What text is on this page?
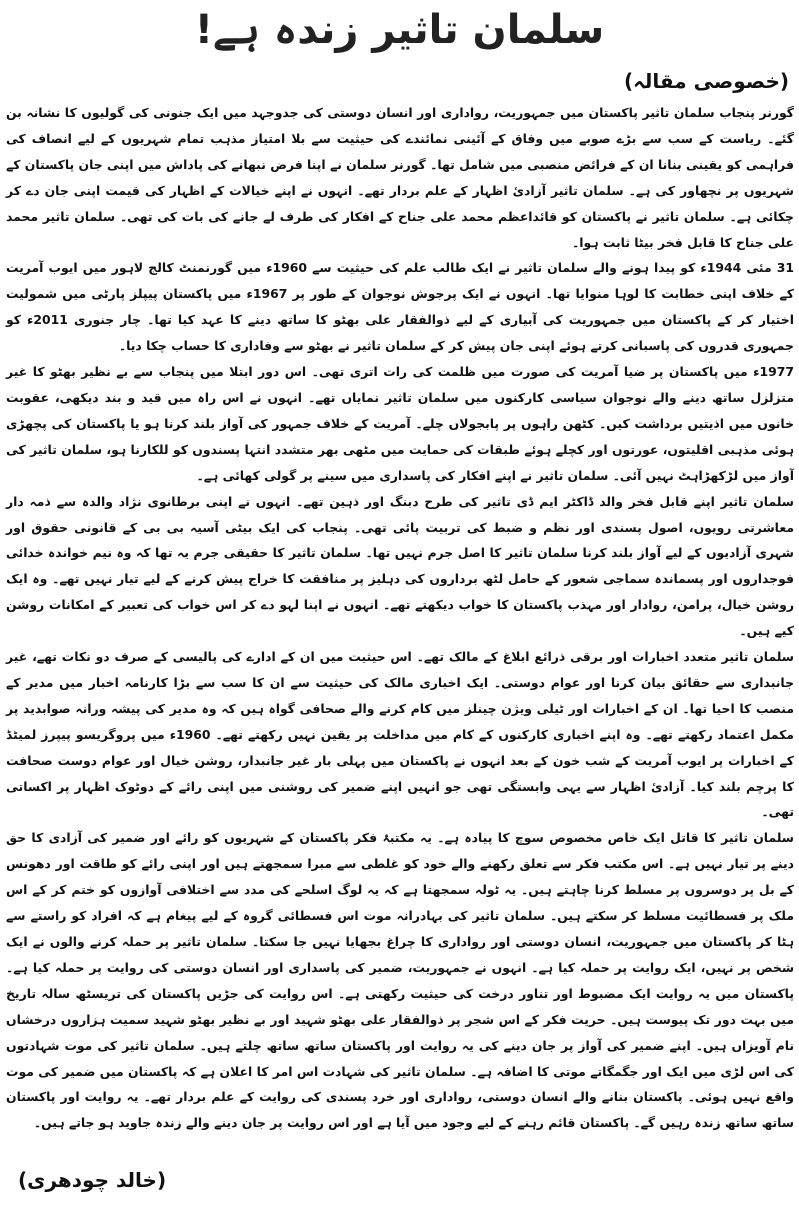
سلمان تاثیر زندہ ہے!
(خصوصی مقالہ)

گورنر پنجاب سلمان تاثیر پاکستان میں جمہوریت، رواداری اور انسان دوستی کی جدوجہد میں ایک جنونی کی گولیوں کا نشانہ بن گئے۔ ریاست کے سب سے بڑے صوبے میں وفاق کے آئینی نمائندے کی حیثیت سے بلا امتیاز مذہب تمام شہریوں کے لیے انصاف کی فراہمی کو یقینی بنانا ان کے فرائض منصبی میں شامل تھا۔ گورنر سلمان نے اپنا فرض نبھانے کی پاداش میں اپنی جان پاکستان کے شہریوں پر نچھاور کی ہے۔ سلمان تاثیر آزادیٔ اظہار کے علم بردار تھے۔ انہوں نے اپنے خیالات کے اظہار کی قیمت اپنی جان دے کر چکائی ہے۔ سلمان تاثیر نے پاکستان کو قائداعظم محمد علی جناح کے افکار کی طرف لے جانے کی بات کی تھی۔ سلمان تاثیر محمد علی جناح کا قابل فخر بیٹا ثابت ہوا۔

31 مئی 1944ء کو پیدا ہونے والے سلمان تاثیر نے ایک طالب علم کی حیثیت سے 1960ء میں گورنمنٹ کالج لاہور میں ایوب آمریت کے خلاف اپنی خطابت کا لوہا منوایا تھا۔ انہوں نے ایک پرجوش نوجوان کے طور پر 1967ء میں پاکستان پیپلز پارٹی میں شمولیت اختیار کر کے پاکستان میں جمہوریت کی آبیاری کے لیے ذوالفقار علی بھٹو کا ساتھ دینے کا عہد کیا تھا۔ چار جنوری 2011ء کو جمہوری قدروں کی پاسبانی کرتے ہوئے اپنی جان پیش کر کے سلمان تاثیر نے بھٹو سے وفاداری کا حساب چکا دیا۔

1977ء میں پاکستان پر ضیا آمریت کی صورت میں ظلمت کی رات اتری تھی۔ اس دور ابتلا میں پنجاب سے بے نظیر بھٹو کا غیر متزلزل ساتھ دینے والے نوجوان سیاسی کارکنوں میں سلمان تاثیر نمایاں تھے۔ انہوں نے اس راہ میں قید و بند دیکھی، عقوبت خانوں میں اذیتیں برداشت کیں۔ کٹھن راہوں پر پابجولاں چلے۔ آمریت کے خلاف جمہور کی آواز بلند کرنا ہو یا پاکستان کی پچھڑی ہوئی مذہبی اقلیتوں، عورتوں اور کچلے ہوئے طبقات کی حمایت میں مٹھی بھر متشدد انتہا پسندوں کو للکارنا ہو، سلمان تاثیر کی آواز میں لڑکھڑاہٹ نہیں آئی۔ سلمان تاثیر نے اپنے افکار کی پاسداری میں سینے پر گولی کھائی ہے۔

سلمان تاثیر اپنے قابل فخر والد ڈاکٹر ایم ڈی تاثیر کی طرح دبنگ اور ذہین تھے۔ انہوں نے اپنی برطانوی نژاد والدہ سے ذمہ دار معاشرتی رویوں، اصول پسندی اور نظم و ضبط کی تربیت پائی تھی۔ پنجاب کی ایک بیٹی آسیہ بی بی کے قانونی حقوق اور شہری آزادیوں کے لیے آواز بلند کرنا سلمان تاثیر کا اصل جرم نہیں تھا۔ سلمان تاثیر کا حقیقی جرم یہ تھا کہ وہ نیم خواندہ خدائی فوجداروں اور پسماندہ سماجی شعور کے حامل لٹھ برداروں کی دہلیز پر منافقت کا خراج پیش کرنے کے لیے تیار نہیں تھے۔ وہ ایک روشن خیال، پرامن، روادار اور مہذب پاکستان کا خواب دیکھتے تھے۔ انہوں نے اپنا لہو دے کر اس خواب کی تعبیر کے امکانات روشن کیے ہیں۔

سلمان تاثیر متعدد اخبارات اور برقی ذرائع ابلاغ کے مالک تھے۔ اس حیثیت میں ان کے ادارے کی پالیسی کے صرف دو نکات تھے، غیر جانبداری سے حقائق بیان کرنا اور عوام دوستی۔ ایک اخباری مالک کی حیثیت سے ان کا سب سے بڑا کارنامہ اخبار میں مدیر کے منصب کا احیا تھا۔ ان کے اخبارات اور ٹیلی ویژن چینلز میں کام کرنے والے صحافی گواہ ہیں کہ وہ مدیر کی پیشہ ورانہ صوابدید پر مکمل اعتماد رکھتے تھے۔ وہ اپنے اخباری کارکنوں کے کام میں مداخلت پر یقین نہیں رکھتے تھے۔ 1960ء میں پروگریسو پیپرز لمیٹڈ کے اخبارات پر ایوب آمریت کے شب خون کے بعد انہوں نے پاکستان میں پہلی بار غیر جانبدار، روشن خیال اور عوام دوست صحافت کا پرچم بلند کیا۔ آزادیٔ اظہار سے یہی وابستگی تھی جو انہیں اپنے ضمیر کی روشنی میں اپنی رائے کے دوٹوک اظہار پر اکساتی تھی۔

سلمان تاثیر کا قاتل ایک خاص مخصوص سوچ کا پیادہ ہے۔ یہ مکتبۂ فکر پاکستان کے شہریوں کو رائے اور ضمیر کی آزادی کا حق دینے پر تیار نہیں ہے۔ اس مکتب فکر سے تعلق رکھنے والے خود کو غلطی سے مبرا سمجھتے ہیں اور اپنی رائے کو طاقت اور دھونس کے بل پر دوسروں پر مسلط کرنا چاہتے ہیں۔ یہ ٹولہ سمجھتا ہے کہ یہ لوگ اسلحے کی مدد سے اختلافی آوازوں کو ختم کر کے اس ملک پر فسطائیت مسلط کر سکتے ہیں۔ سلمان تاثیر کی بہادرانہ موت اس فسطائی گروہ کے لیے پیغام ہے کہ افراد کو راستے سے ہٹا کر پاکستان میں جمہوریت، انسان دوستی اور رواداری کا چراغ بجھایا نہیں جا سکتا۔ سلمان تاثیر پر حملہ کرنے والوں نے ایک شخص پر نہیں، ایک روایت پر حملہ کیا ہے۔ انہوں نے جمہوریت، ضمیر کی پاسداری اور انسان دوستی کی روایت پر حملہ کیا ہے۔ پاکستان میں یہ روایت ایک مضبوط اور تناور درخت کی حیثیت رکھتی ہے۔ اس روایت کی جڑیں پاکستان کی تریسٹھ سالہ تاریخ میں بہت دور تک پیوست ہیں۔ حریت فکر کے اس شجر پر ذوالفقار علی بھٹو شہید اور بے نظیر بھٹو شہید سمیت ہزاروں درخشاں نام آویزاں ہیں۔ اپنے ضمیر کی آواز پر جان دینے کی یہ روایت اور پاکستان ساتھ ساتھ چلتے ہیں۔ سلمان تاثیر کی موت شہادتوں کی اس لڑی میں ایک اور جگمگاتے موتی کا اضافہ ہے۔ سلمان تاثیر کی شہادت اس امر کا اعلان ہے کہ پاکستان میں ضمیر کی موت واقع نہیں ہوئی۔ پاکستان بنانے والے انسان دوستی، رواداری اور خرد پسندی کی روایت کے علم بردار تھے۔ یہ روایت اور پاکستان ساتھ ساتھ زندہ رہیں گے۔ پاکستان قائم رہنے کے لیے وجود میں آیا ہے اور اس روایت پر جان دینے والے زندہ جاوید ہو جاتے ہیں۔

(خالد چودھری)
